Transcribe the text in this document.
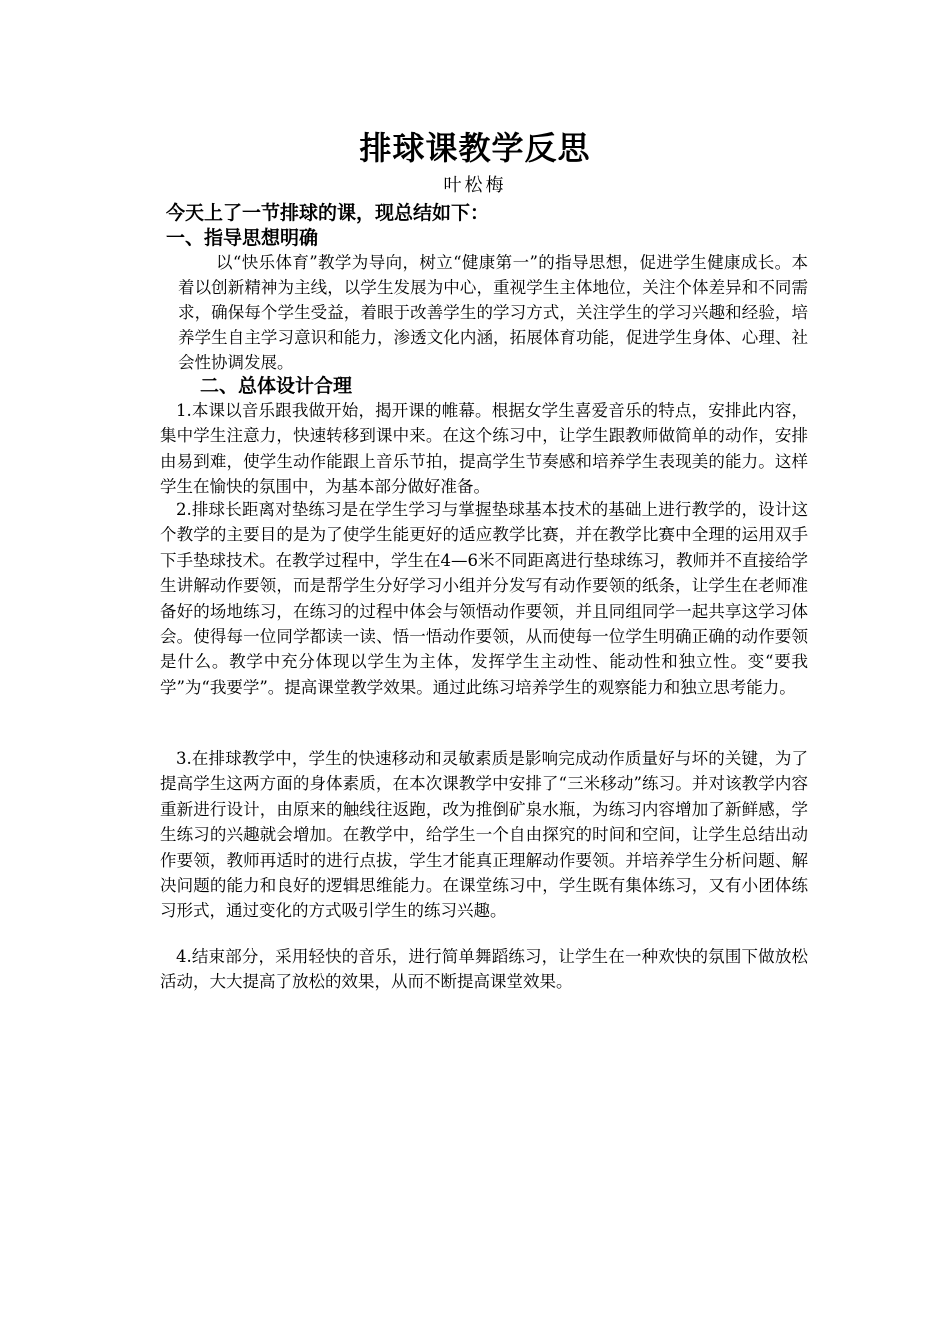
排球课教学反思
叶松梅
今天上了一节排球的课，现总结如下：
一、指导思想明确

以“快乐体育”教学为导向，树立“健康第一”的指导思想，促进学生健康成长。本着以创新精神为主线，以学生发展为中心，重视学生主体地位，关注个体差异和不同需求，确保每个学生受益，着眼于改善学生的学习方式，关注学生的学习兴趣和经验，培养学生自主学习意识和能力，渗透文化内涵，拓展体育功能，促进学生身体、心理、社会性协调发展。

二、总体设计合理

1.本课以音乐跟我做开始，揭开课的帷幕。根据女学生喜爱音乐的特点，安排此内容，集中学生注意力，快速转移到课中来。在这个练习中，让学生跟教师做简单的动作，安排由易到难，使学生动作能跟上音乐节拍，提高学生节奏感和培养学生表现美的能力。这样学生在愉快的氛围中，为基本部分做好准备。

2.排球长距离对垫练习是在学生学习与掌握垫球基本技术的基础上进行教学的，设计这个教学的主要目的是为了使学生能更好的适应教学比赛，并在教学比赛中全理的运用双手下手垫球技术。在教学过程中，学生在4—6米不同距离进行垫球练习，教师并不直接给学生讲解动作要领，而是帮学生分好学习小组并分发写有动作要领的纸条，让学生在老师准备好的场地练习，在练习的过程中体会与领悟动作要领，并且同组同学一起共享这学习体会。使得每一位同学都读一读、悟一悟动作要领，从而使每一位学生明确正确的动作要领是什么。教学中充分体现以学生为主体，发挥学生主动性、能动性和独立性。变“要我学”为“我要学”。提高课堂教学效果。通过此练习培养学生的观察能力和独立思考能力。

3.在排球教学中，学生的快速移动和灵敏素质是影响完成动作质量好与坏的关键，为了提高学生这两方面的身体素质，在本次课教学中安排了“三米移动”练习。并对该教学内容重新进行设计，由原来的触线往返跑，改为推倒矿泉水瓶，为练习内容增加了新鲜感，学生练习的兴趣就会增加。在教学中，给学生一个自由探究的时间和空间，让学生总结出动作要领，教师再适时的进行点拔，学生才能真正理解动作要领。并培养学生分析问题、解决问题的能力和良好的逻辑思维能力。在课堂练习中，学生既有集体练习，又有小团体练习形式，通过变化的方式吸引学生的练习兴趣。

4.结束部分，采用轻快的音乐，进行简单舞蹈练习，让学生在一种欢快的氛围下做放松活动，大大提高了放松的效果，从而不断提高课堂效果。
